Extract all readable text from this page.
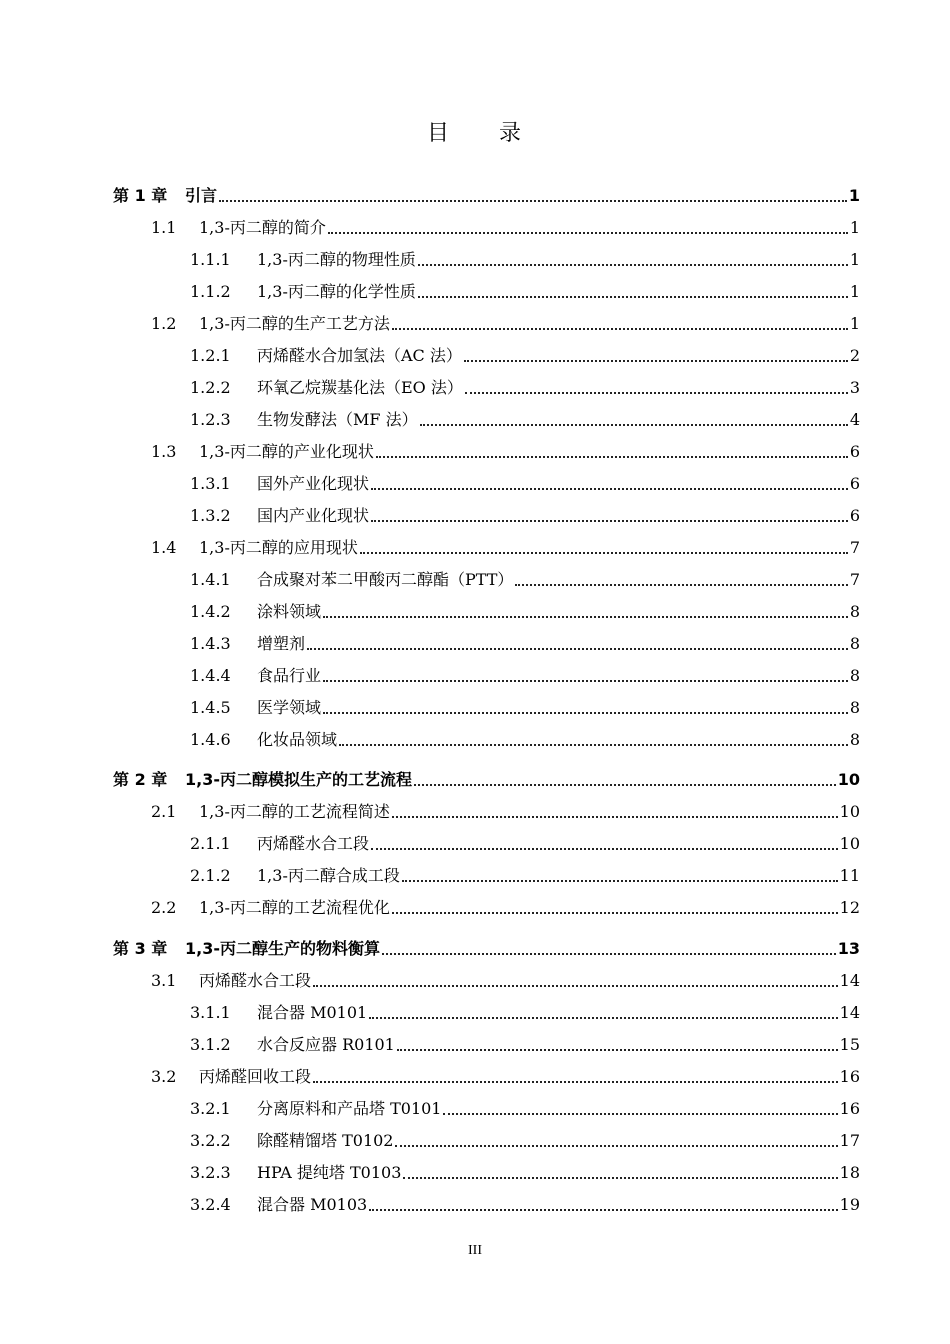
目 录
第 1 章	引言	1
1.1	1,3-丙二醇的简介	1
1.1.1	1,3-丙二醇的物理性质	1
1.1.2	1,3-丙二醇的化学性质	1
1.2	1,3-丙二醇的生产工艺方法	1
1.2.1	丙烯醛水合加氢法（AC 法）	2
1.2.2	环氧乙烷羰基化法（EO 法）	3
1.2.3	生物发酵法（MF 法）	4
1.3	1,3-丙二醇的产业化现状	6
1.3.1	国外产业化现状	6
1.3.2	国内产业化现状	6
1.4	1,3-丙二醇的应用现状	7
1.4.1	合成聚对苯二甲酸丙二醇酯（PTT）	7
1.4.2	涂料领域	8
1.4.3	增塑剂	8
1.4.4	食品行业	8
1.4.5	医学领域	8
1.4.6	化妆品领域	8
第 2 章	1,3-丙二醇模拟生产的工艺流程	10
2.1	1,3-丙二醇的工艺流程简述	10
2.1.1	丙烯醛水合工段	10
2.1.2	1,3-丙二醇合成工段	11
2.2	1,3-丙二醇的工艺流程优化	12
第 3 章	1,3-丙二醇生产的物料衡算	13
3.1	丙烯醛水合工段	14
3.1.1	混合器 M0101	14
3.1.2	水合反应器 R0101	15
3.2	丙烯醛回收工段	16
3.2.1	分离原料和产品塔 T0101	16
3.2.2	除醛精馏塔 T0102	17
3.2.3	HPA 提纯塔 T0103	18
3.2.4	混合器 M0103	19
III
